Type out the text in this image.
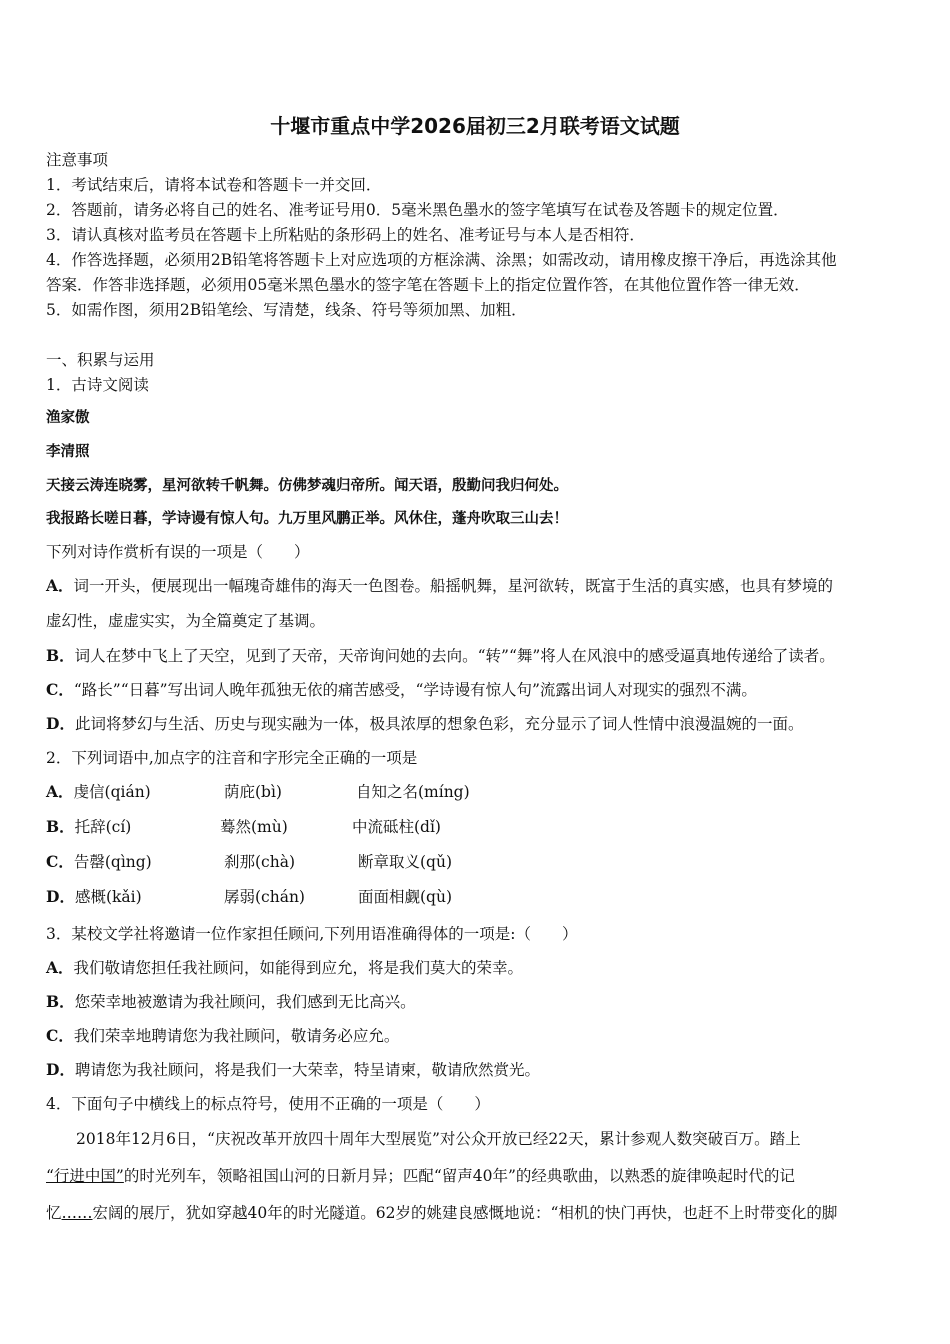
十堰市重点中学2026届初三2月联考语文试题
注意事项
1．考试结束后，请将本试卷和答题卡一并交回．
2．答题前，请务必将自己的姓名、准考证号用0．5毫米黑色墨水的签字笔填写在试卷及答题卡的规定位置．
3．请认真核对监考员在答题卡上所粘贴的条形码上的姓名、准考证号与本人是否相符．
4．作答选择题，必须用2B铅笔将答题卡上对应选项的方框涂满、涂黑；如需改动，请用橡皮擦干净后，再选涂其他
答案．作答非选择题，必须用05毫米黑色墨水的签字笔在答题卡上的指定位置作答，在其他位置作答一律无效．
5．如需作图，须用2B铅笔绘、写清楚，线条、符号等须加黑、加粗．
一、积累与运用
1．古诗文阅读
渔家傲
李清照
天接云涛连晓雾，星河欲转千帆舞。仿佛梦魂归帝所。闻天语，殷勤问我归何处。
我报路长嗟日暮，学诗谩有惊人句。九万里风鹏正举。风休住，蓬舟吹取三山去！
下列对诗作赏析有误的一项是（　　）
A．词一开头，便展现出一幅瑰奇雄伟的海天一色图卷。船摇帆舞，星河欲转，既富于生活的真实感，也具有梦境的
虚幻性，虚虚实实，为全篇奠定了基调。
B．词人在梦中飞上了天空，见到了天帝，天帝询问她的去向。“转”“舞”将人在风浪中的感受逼真地传递给了读者。
C．“路长”“日暮”写出词人晚年孤独无依的痛苦感受，“学诗谩有惊人句”流露出词人对现实的强烈不满。
D．此词将梦幻与生活、历史与现实融为一体，极具浓厚的想象色彩，充分显示了词人性情中浪漫温婉的一面。
2．下列词语中,加点字的注音和字形完全正确的一项是
A．虔信(qián)	荫庇(bì)	自知之名(míng)
B．托辞(cí)	蓦然(mù)	中流砥柱(dǐ)
C．告罄(qìng)	刹那(chà)	断章取义(qǔ)
D．感概(kǎi)	孱弱(chán)	面面相觑(qù)
3．某校文学社将邀请一位作家担任顾问,下列用语准确得体的一项是:（　　）
A．我们敬请您担任我社顾问，如能得到应允，将是我们莫大的荣幸。
B．您荣幸地被邀请为我社顾问，我们感到无比高兴。
C．我们荣幸地聘请您为我社顾问，敬请务必应允。
D．聘请您为我社顾问，将是我们一大荣幸，特呈请柬，敬请欣然赏光。
4．下面句子中横线上的标点符号，使用不正确的一项是（　　）
2018年12月6日，“庆祝改革开放四十周年大型展览”对公众开放已经22天，累计参观人数突破百万。踏上
“行进中国”的时光列车，领略祖国山河的日新月异；匹配“留声40年”的经典歌曲，以熟悉的旋律唤起时代的记
忆……宏阔的展厅，犹如穿越40年的时光隧道。62岁的姚建良感慨地说：“相机的快门再快，也赶不上时带变化的脚
